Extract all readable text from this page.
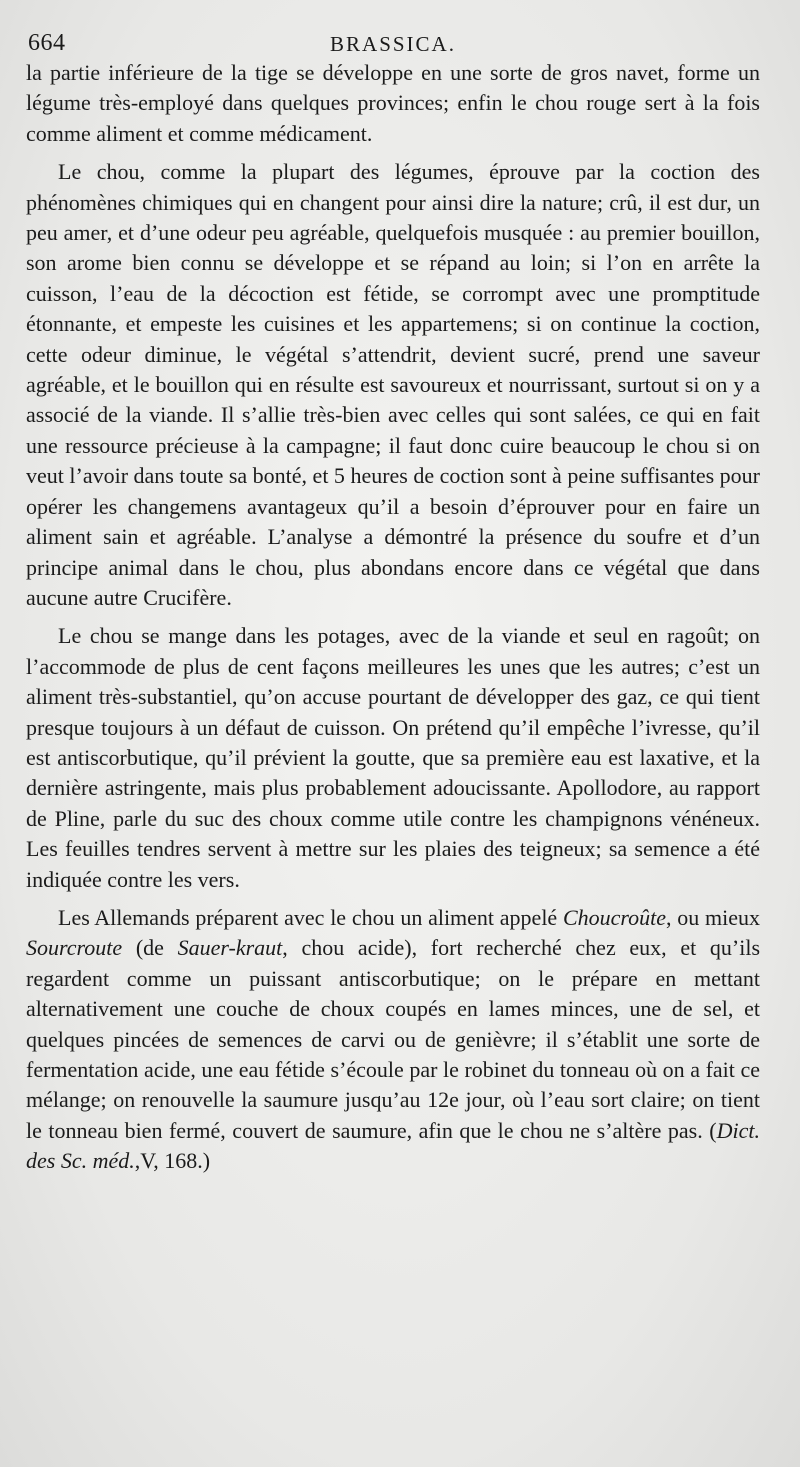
664	BRASSICA.

la partie inférieure de la tige se développe en une sorte de gros navet, forme un légume très-employé dans quelques provinces; enfin le chou rouge sert à la fois comme aliment et comme médicament.

Le chou, comme la plupart des légumes, éprouve par la coction des phénomènes chimiques qui en changent pour ainsi dire la nature; crû, il est dur, un peu amer, et d’une odeur peu agréable, quelquefois musquée : au premier bouillon, son arome bien connu se développe et se répand au loin; si l’on en arrête la cuisson, l’eau de la décoction est fétide, se corrompt avec une promptitude étonnante, et empeste les cuisines et les appartemens; si on continue la coction, cette odeur diminue, le végétal s’attendrit, devient sucré, prend une saveur agréable, et le bouillon qui en résulte est savoureux et nourrissant, surtout si on y a associé de la viande. Il s’allie très-bien avec celles qui sont salées, ce qui en fait une ressource précieuse à la campagne; il faut donc cuire beaucoup le chou si on veut l’avoir dans toute sa bonté, et 5 heures de coction sont à peine suffisantes pour opérer les changemens avantageux qu’il a besoin d’éprouver pour en faire un aliment sain et agréable. L’analyse a démontré la présence du soufre et d’un principe animal dans le chou, plus abondans encore dans ce végétal que dans aucune autre Crucifère.

Le chou se mange dans les potages, avec de la viande et seul en ragoût; on l’accommode de plus de cent façons meilleures les unes que les autres; c’est un aliment très-substantiel, qu’on accuse pourtant de développer des gaz, ce qui tient presque toujours à un défaut de cuisson. On prétend qu’il empêche l’ivresse, qu’il est antiscorbutique, qu’il prévient la goutte, que sa première eau est laxative, et la dernière astringente, mais plus probablement adoucissante. Apollodore, au rapport de Pline, parle du suc des choux comme utile contre les champignons vénéneux. Les feuilles tendres servent à mettre sur les plaies des teigneux; sa semence a été indiquée contre les vers.

Les Allemands préparent avec le chou un aliment appelé Choucroûte, ou mieux Sourcroute (de Sauer-kraut, chou acide), fort recherché chez eux, et qu’ils regardent comme un puissant antiscorbutique; on le prépare en mettant alternativement une couche de choux coupés en lames minces, une de sel, et quelques pincées de semences de carvi ou de genièvre; il s’établit une sorte de fermentation acide, une eau fétide s’écoule par le robinet du tonneau où on a fait ce mélange; on renouvelle la saumure jusqu’au 12e jour, où l’eau sort claire; on tient le tonneau bien fermé, couvert de saumure, afin que le chou ne s’altère pas. (Dict. des Sc. méd.,V, 168.)
